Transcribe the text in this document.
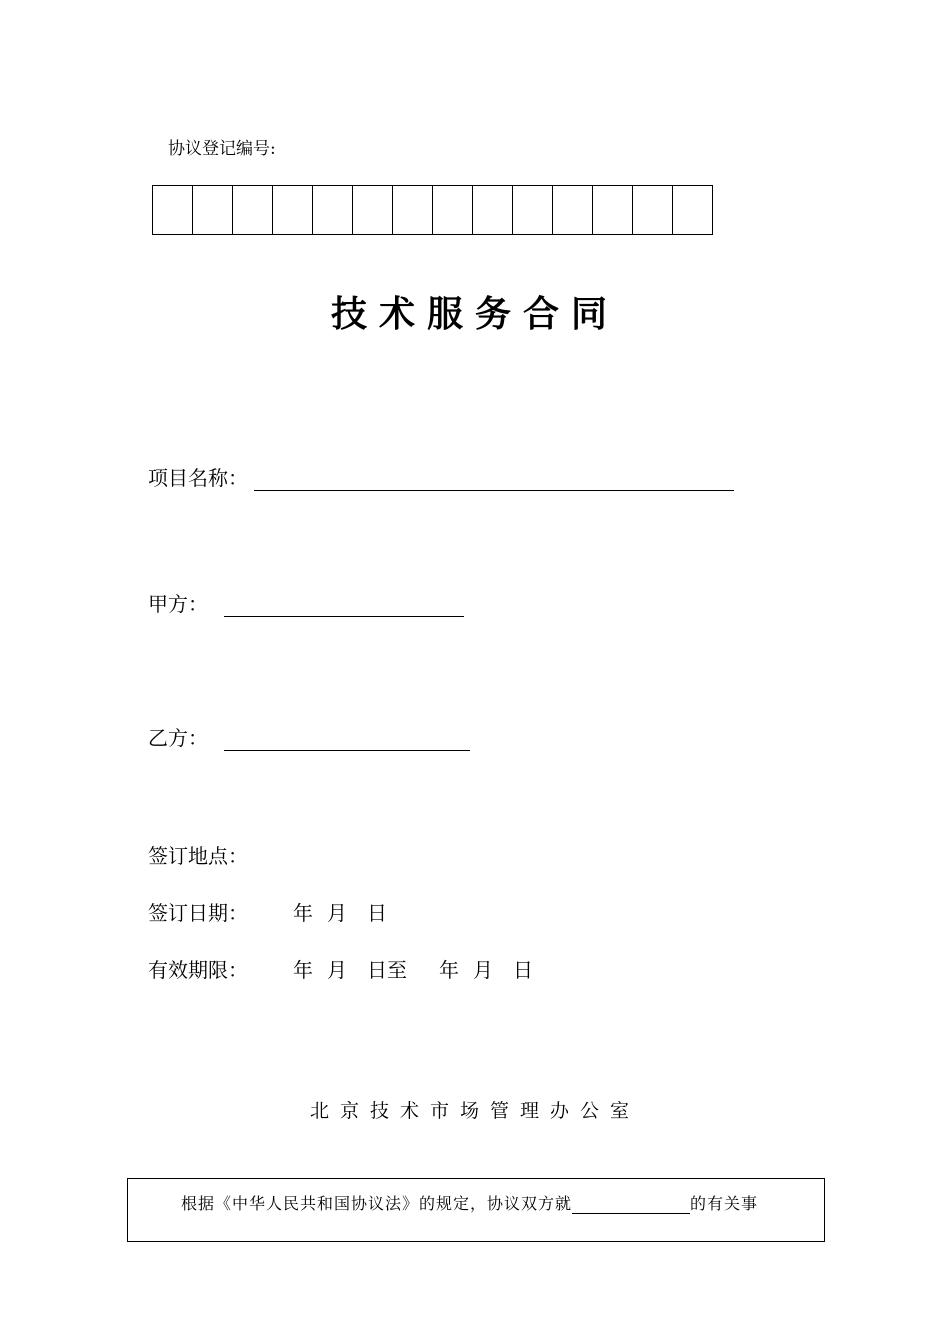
协议登记编号:
技术服务合同
项目名称：
甲方：
乙方：
签订地点：
签订日期： 年 月 日
有效期限： 年 月 日至 年 月 日
北京技术市场管理办公室
根据《中华人民共和国协议法》的规定，协议双方就	的有关事
